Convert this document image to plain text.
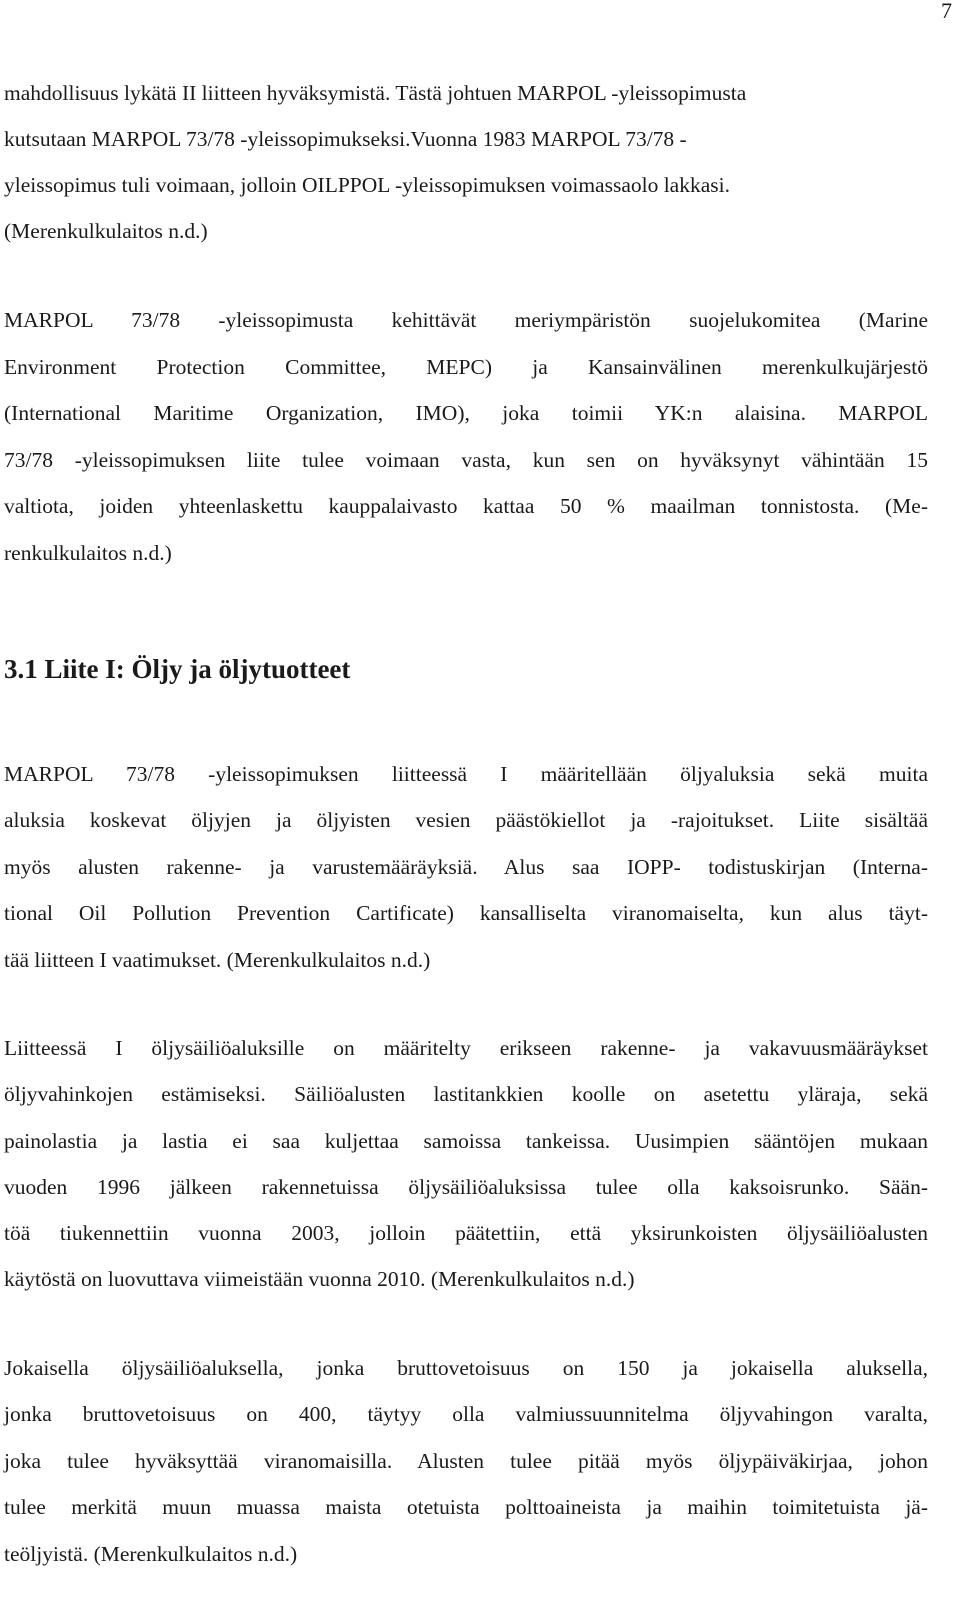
7

mahdollisuus lykätä II liitteen hyväksymistä. Tästä johtuen MARPOL -yleissopimusta
kutsutaan MARPOL 73/78 -yleissopimukseksi.Vuonna 1983 MARPOL 73/78 -
yleissopimus tuli voimaan, jolloin OILPPOL -yleissopimuksen voimassaolo lakkasi.
(Merenkulkulaitos n.d.)

MARPOL 73/78 -yleissopimusta kehittävät meriympäristön suojelukomitea (Marine
Environment Protection Committee, MEPC) ja Kansainvälinen merenkulkujärjestö
(International Maritime Organization, IMO), joka toimii YK:n alaisina. MARPOL
73/78 -yleissopimuksen liite tulee voimaan vasta, kun sen on hyväksynyt vähintään 15
valtiota, joiden yhteenlaskettu kauppalaivasto kattaa 50 % maailman tonnistosta. (Me-
renkulkulaitos n.d.)

3.1 Liite I: Öljy ja öljytuotteet

MARPOL 73/78 -yleissopimuksen liitteessä I määritellään öljyaluksia sekä muita
aluksia koskevat öljyjen ja öljyisten vesien päästökiellot ja -rajoitukset. Liite sisältää
myös alusten rakenne- ja varustemääräyksiä. Alus saa IOPP- todistuskirjan (Interna-
tional Oil Pollution Prevention Cartificate) kansalliselta viranomaiselta, kun alus täyt-
tää liitteen I vaatimukset. (Merenkulkulaitos n.d.)

Liitteessä I öljysäiliöaluksille on määritelty erikseen rakenne- ja vakavuusmääräykset
öljyvahinkojen estämiseksi. Säiliöalusten lastitankkien koolle on asetettu yläraja, sekä
painolastia ja lastia ei saa kuljettaa samoissa tankeissa. Uusimpien sääntöjen mukaan
vuoden 1996 jälkeen rakennetuissa öljysäiliöaluksissa tulee olla kaksoisrunko. Sään-
töä tiukennettiin vuonna 2003, jolloin päätettiin, että yksirunkoisten öljysäiliöalusten
käytöstä on luovuttava viimeistään vuonna 2010. (Merenkulkulaitos n.d.)

Jokaisella öljysäiliöaluksella, jonka bruttovetoisuus on 150 ja jokaisella aluksella,
jonka bruttovetoisuus on 400, täytyy olla valmiussuunnitelma öljyvahingon varalta,
joka tulee hyväksyttää viranomaisilla. Alusten tulee pitää myös öljypäiväkirjaa, johon
tulee merkitä muun muassa maista otetuista polttoaineista ja maihin toimitetuista jä-
teöljyistä. (Merenkulkulaitos n.d.)
